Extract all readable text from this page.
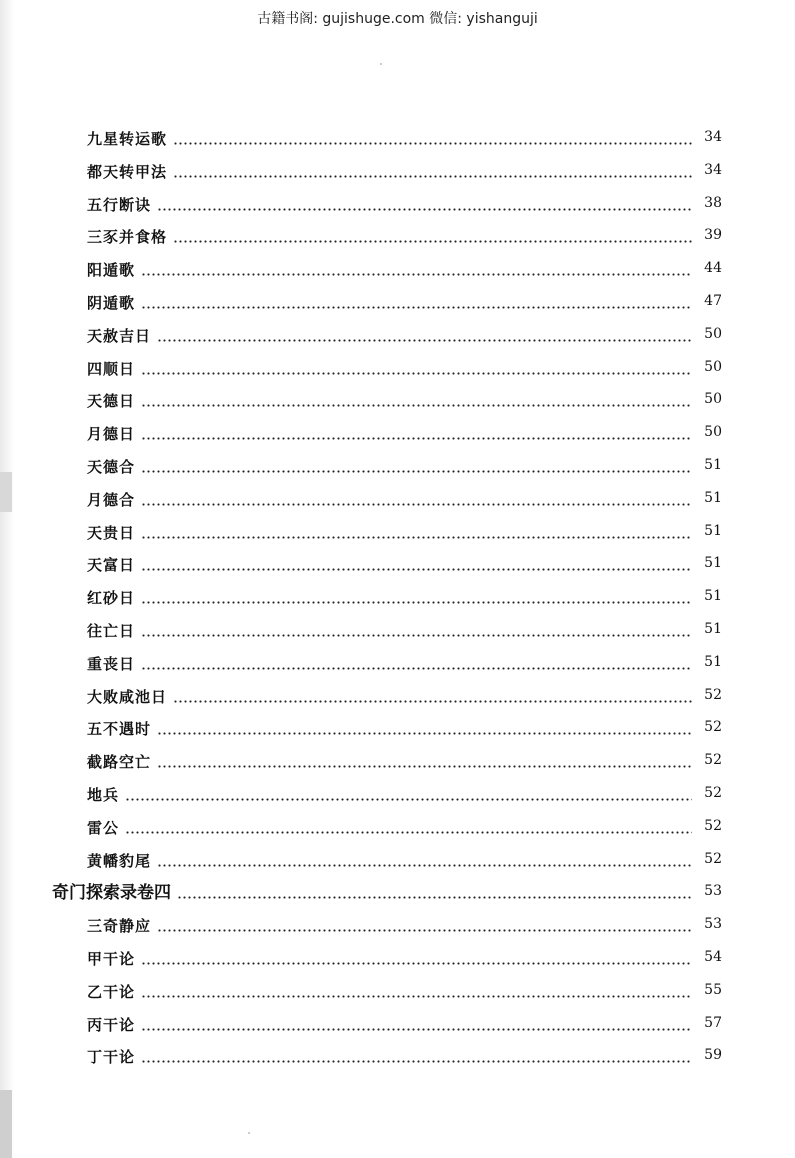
古籍书阁: gujishuge.com 微信: yishanguji
九星转运歌	34
都天转甲法	34
五行断诀	38
三豕并食格	39
阳遁歌	44
阴遁歌	47
天赦吉日	50
四顺日	50
天德日	50
月德日	50
天德合	51
月德合	51
天贵日	51
天富日	51
红砂日	51
往亡日	51
重丧日	51
大败咸池日	52
五不遇时	52
截路空亡	52
地兵	52
雷公	52
黄幡豹尾	52
奇门探索录卷四	53
三奇静应	53
甲干论	54
乙干论	55
丙干论	57
丁干论	59
